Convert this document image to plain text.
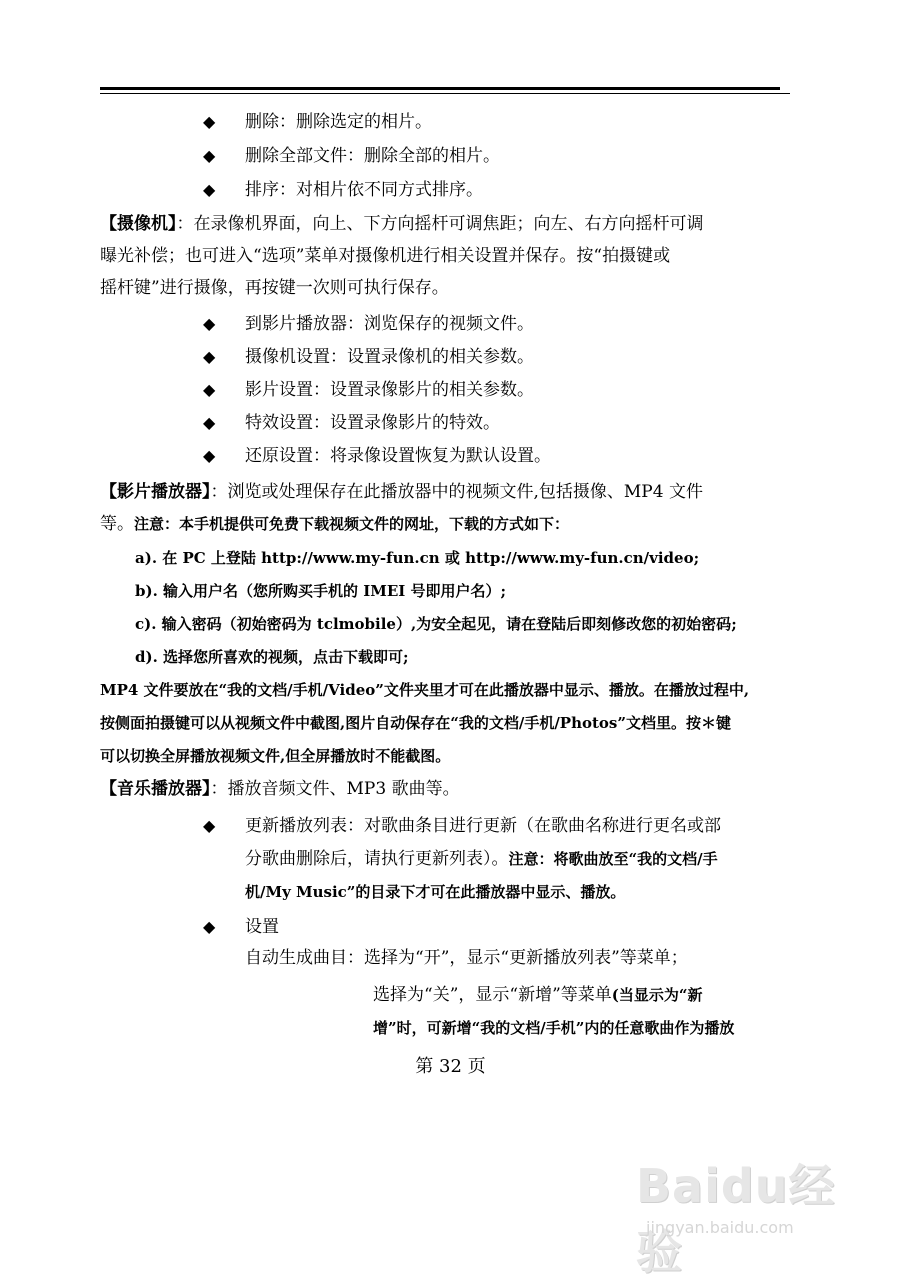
◆ 删除：删除选定的相片。
◆ 删除全部文件：删除全部的相片。
◆ 排序：对相片依不同方式排序。
【摄像机】：在录像机界面，向上、下方向摇杆可调焦距；向左、右方向摇杆可调
曝光补偿；也可进入“选项”菜单对摄像机进行相关设置并保存。按“拍摄键或
摇杆键”进行摄像，再按键一次则可执行保存。
◆ 到影片播放器：浏览保存的视频文件。
◆ 摄像机设置：设置录像机的相关参数。
◆ 影片设置：设置录像影片的相关参数。
◆ 特效设置：设置录像影片的特效。
◆ 还原设置：将录像设置恢复为默认设置。
【影片播放器】：浏览或处理保存在此播放器中的视频文件,包括摄像、MP4 文件
等。注意：本手机提供可免费下载视频文件的网址，下载的方式如下：
a). 在 PC 上登陆 http://www.my-fun.cn 或 http://www.my-fun.cn/video;
b). 输入用户名（您所购买手机的 IMEI 号即用户名）;
c). 输入密码（初始密码为 tclmobile）,为安全起见，请在登陆后即刻修改您的初始密码;
d). 选择您所喜欢的视频，点击下载即可;
MP4 文件要放在“我的文档/手机/Video”文件夹里才可在此播放器中显示、播放。在播放过程中,
按侧面拍摄键可以从视频文件中截图,图片自动保存在“我的文档/手机/Photos”文档里。按＊键
可以切换全屏播放视频文件,但全屏播放时不能截图。
【音乐播放器】：播放音频文件、MP3 歌曲等。
◆ 更新播放列表：对歌曲条目进行更新（在歌曲名称进行更名或部
分歌曲删除后，请执行更新列表）。注意：将歌曲放至“我的文档/手
机/My Music”的目录下才可在此播放器中显示、播放。
◆ 设置
自动生成曲目：选择为“开”，显示“更新播放列表”等菜单；
选择为“关”，显示“新增”等菜单(当显示为“新
增”时，可新增“我的文档/手机”内的任意歌曲作为播放
第 32 页
Baidu经验
jingyan.baidu.com
